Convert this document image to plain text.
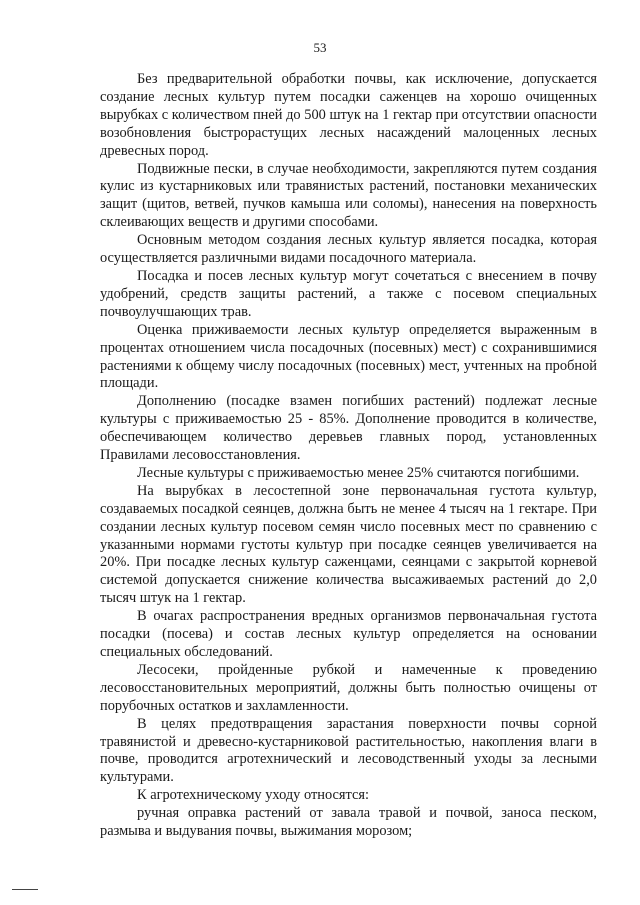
53

Без предварительной обработки почвы, как исключение, допускается создание лесных культур путем посадки саженцев на хорошо очищенных вырубках с количеством пней до 500 штук на 1 гектар при отсутствии опасности возобновления быстрорастущих лесных насаждений малоценных лесных древесных пород.

Подвижные пески, в случае необходимости, закрепляются путем создания кулис из кустарниковых или травянистых растений, постановки механических защит (щитов, ветвей, пучков камыша или соломы), нанесения на поверхность склеивающих веществ и другими способами.

Основным методом создания лесных культур является посадка, которая осуществляется различными видами посадочного материала.

Посадка и посев лесных культур могут сочетаться с внесением в почву удобрений, средств защиты растений, а также с посевом специальных почвоулучшающих трав.

Оценка приживаемости лесных культур определяется выраженным в процентах отношением числа посадочных (посевных) мест) с сохранившимися растениями к общему числу посадочных (посевных) мест, учтенных на пробной площади.

Дополнению (посадке взамен погибших растений) подлежат лесные культуры с приживаемостью 25 - 85%. Дополнение проводится в количестве, обеспечивающем количество деревьев главных пород, установленных Правилами лесовосстановления.

Лесные культуры с приживаемостью менее 25% считаются погибшими.

На вырубках в лесостепной зоне первоначальная густота культур, создаваемых посадкой сеянцев, должна быть не менее 4 тысяч на 1 гектаре. При создании лесных культур посевом семян число посевных мест по сравнению с указанными нормами густоты культур при посадке сеянцев увеличивается на 20%. При посадке лесных культур саженцами, сеянцами с закрытой корневой системой допускается снижение количества высаживаемых растений до 2,0 тысяч штук на 1 гектар.

В очагах распространения вредных организмов первоначальная густота посадки (посева) и состав лесных культур определяется на основании специальных обследований.

Лесосеки, пройденные рубкой и намеченные к проведению лесовосстановительных мероприятий, должны быть полностью очищены от порубочных остатков и захламленности.

В целях предотвращения зарастания поверхности почвы сорной травянистой и древесно-кустарниковой растительностью, накопления влаги в почве, проводится агротехнический и лесоводственный уходы за лесными культурами.

К агротехническому уходу относятся:

ручная оправка растений от завала травой и почвой, заноса песком, размыва и выдувания почвы, выжимания морозом;
